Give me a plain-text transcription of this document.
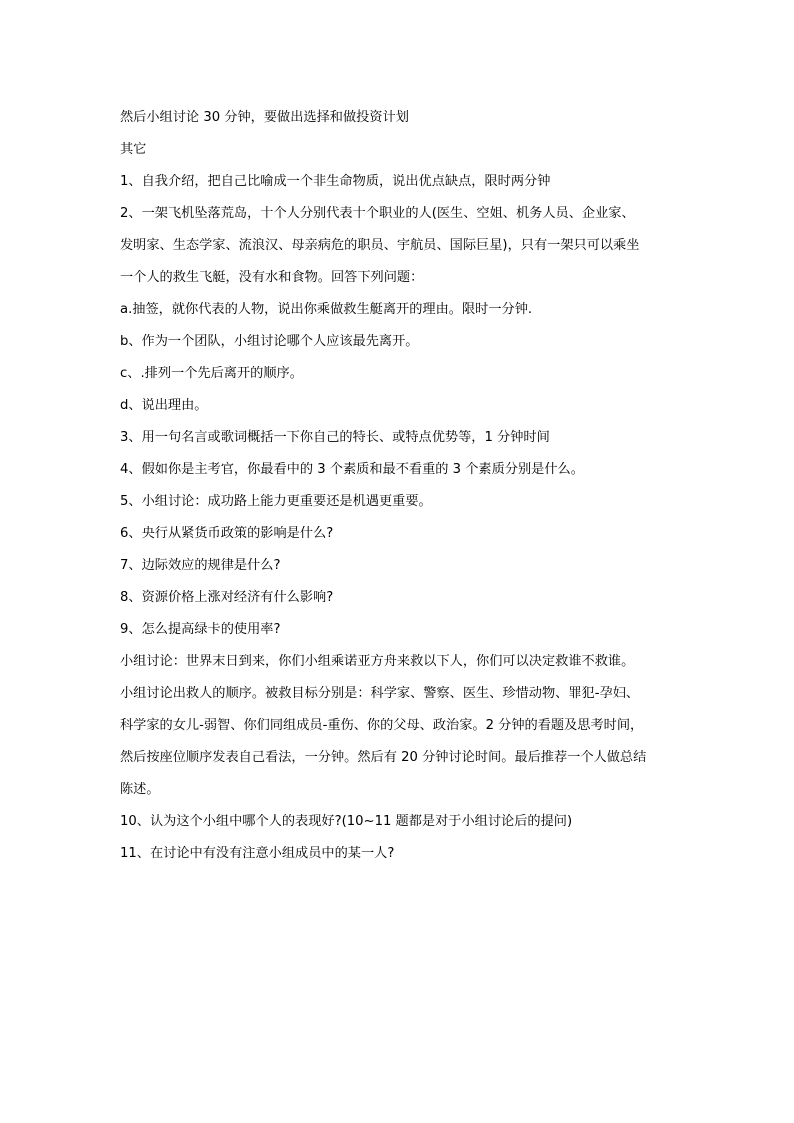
然后小组讨论 30 分钟，要做出选择和做投资计划
其它
1、自我介绍，把自己比喻成一个非生命物质，说出优点缺点，限时两分钟
2、一架飞机坠落荒岛，十个人分别代表十个职业的人(医生、空姐、机务人员、企业家、
发明家、生态学家、流浪汉、母亲病危的职员、宇航员、国际巨星)，只有一架只可以乘坐
一个人的救生飞艇，没有水和食物。回答下列问题：
a.抽签，就你代表的人物，说出你乘做救生艇离开的理由。限时一分钟.
b、作为一个团队，小组讨论哪个人应该最先离开。
c、.排列一个先后离开的顺序。
d、说出理由。
3、用一句名言或歌词概括一下你自己的特长、或特点优势等，1 分钟时间
4、假如你是主考官，你最看中的 3 个素质和最不看重的 3 个素质分别是什么。
5、小组讨论：成功路上能力更重要还是机遇更重要。
6、央行从紧货币政策的影响是什么?
7、边际效应的规律是什么?
8、资源价格上涨对经济有什么影响?
9、怎么提高绿卡的使用率?
小组讨论：世界末日到来，你们小组乘诺亚方舟来救以下人，你们可以决定救谁不救谁。
小组讨论出救人的顺序。被救目标分别是：科学家、警察、医生、珍惜动物、罪犯-孕妇、
科学家的女儿-弱智、你们同组成员-重伤、你的父母、政治家。2 分钟的看题及思考时间，
然后按座位顺序发表自己看法，一分钟。然后有 20 分钟讨论时间。最后推荐一个人做总结
陈述。
10、认为这个小组中哪个人的表现好?(10~11 题都是对于小组讨论后的提问)
11、在讨论中有没有注意小组成员中的某一人?
